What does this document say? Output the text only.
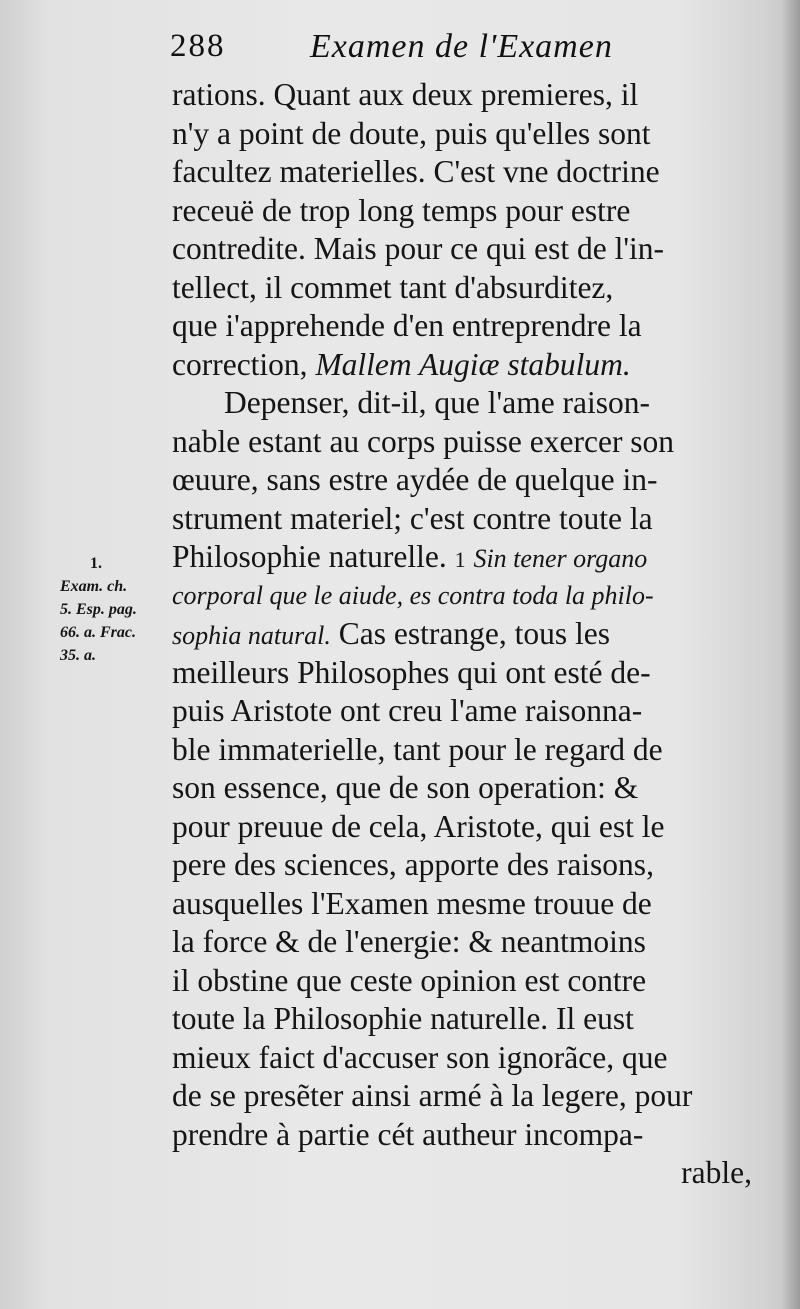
288 Examen de l'Examen
rations. Quant aux deux premieres, il
n'y a point de doute, puis qu'elles sont
facultez materielles. C'est vne doctrine
receuë de trop long temps pour estre
contredite. Mais pour ce qui est de l'in-
tellect, il commet tant d'absurditez,
que i'apprehende d'en entreprendre la
correction, Mallem Augiæ stabulum.
Depenser, dit-il, que l'ame raison-
nable estant au corps puisse exercer son
œuure, sans estre aydée de quelque in-
strument materiel; c'est contre toute la
Philosophie naturelle. 1 Sin tener organo
corporal que le aiude, es contra toda la philo-
sophia natural. Cas estrange, tous les
meilleurs Philosophes qui ont esté de-
puis Aristote ont creu l'ame raisonna-
ble immaterielle, tant pour le regard de
son essence, que de son operation: &
pour preuue de cela, Aristote, qui est le
pere des sciences, apporte des raisons,
ausquelles l'Examen mesme trouue de
la force & de l'energie: & neantmoins
il obstine que ceste opinion est contre
toute la Philosophie naturelle. Il eust
mieux faict d'accuser son ignorãce, que
de se presẽter ainsi armé à la legere, pour
prendre à partie cét autheur incompa-
rable,
1.
Exam. ch.
5. Esp. pag.
66. a. Frac.
35. a.
